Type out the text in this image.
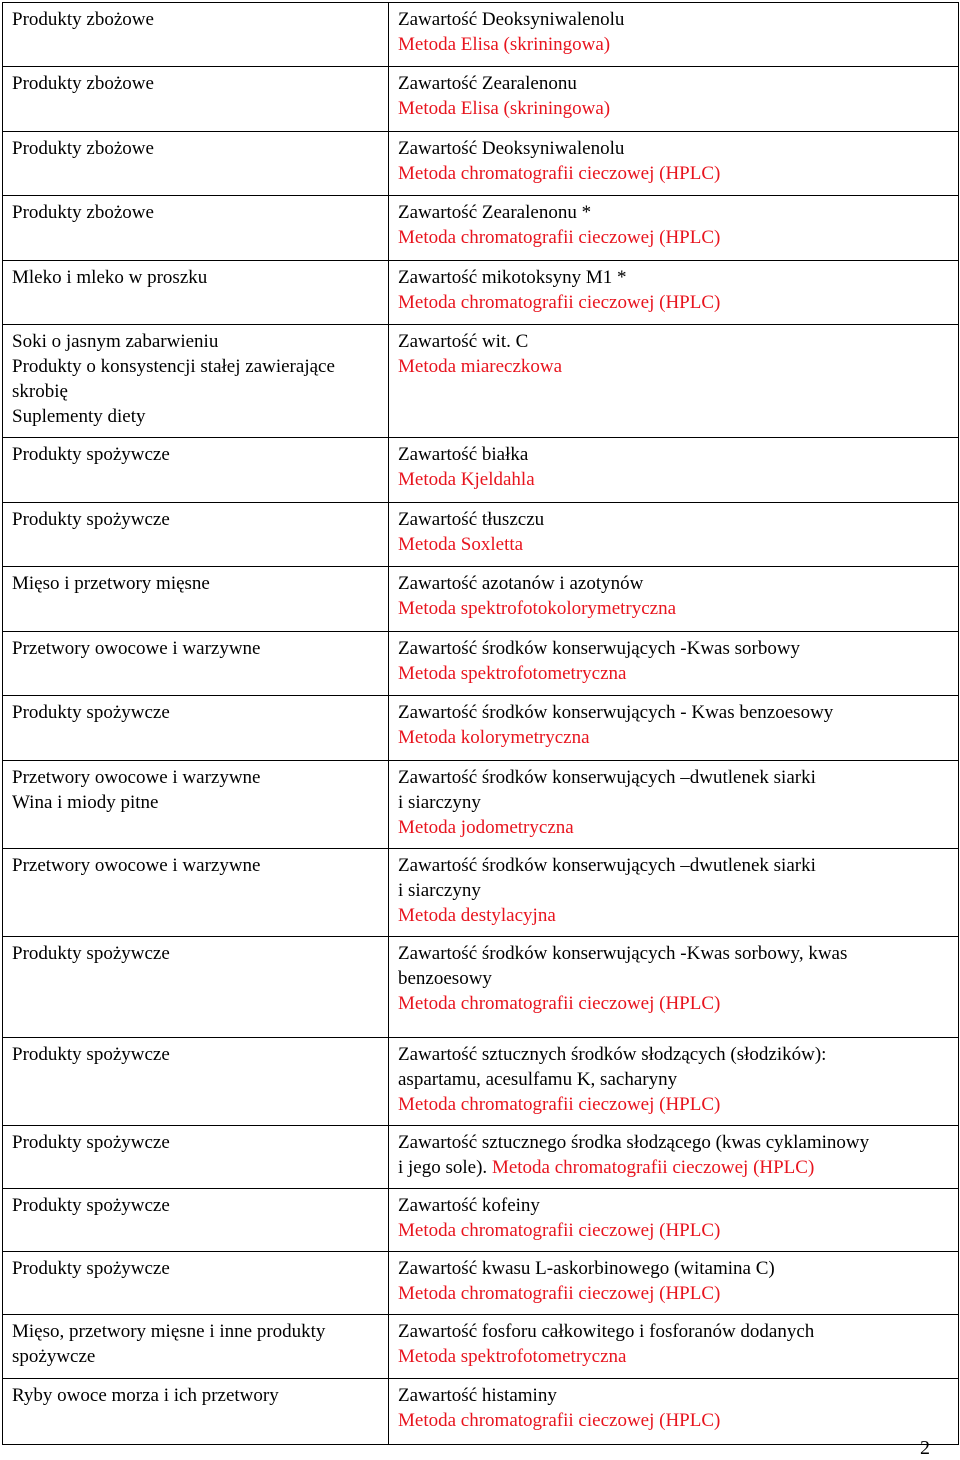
Produkty zbożowe	Zawartość Deoksyniwalenolu
Metoda Elisa (skriningowa)

Produkty zbożowe	Zawartość Zearalenonu
Metoda Elisa (skriningowa)

Produkty zbożowe	Zawartość Deoksyniwalenolu
Metoda chromatografii cieczowej (HPLC)

Produkty zbożowe	Zawartość Zearalenonu *
Metoda chromatografii cieczowej (HPLC)

Mleko i mleko w proszku	Zawartość mikotoksyny M1 *
Metoda chromatografii cieczowej (HPLC)

Soki o jasnym zabarwieniu
Produkty o konsystencji stałej zawierające
skrobię
Suplementy diety	Zawartość wit. C
Metoda miareczkowa

Produkty spożywcze	Zawartość białka
Metoda Kjeldahla

Produkty spożywcze	Zawartość tłuszczu
Metoda Soxletta

Mięso i przetwory mięsne	Zawartość azotanów i azotynów
Metoda spektrofotokolorymetryczna

Przetwory owocowe i warzywne	Zawartość środków konserwujących -Kwas sorbowy
Metoda spektrofotometryczna

Produkty spożywcze	Zawartość środków konserwujących - Kwas benzoesowy
Metoda kolorymetryczna

Przetwory owocowe i warzywne
Wina i miody pitne	Zawartość środków konserwujących –dwutlenek siarki
i siarczyny
Metoda jodometryczna

Przetwory owocowe i warzywne	Zawartość środków konserwujących –dwutlenek siarki
i siarczyny
Metoda destylacyjna

Produkty spożywcze	Zawartość środków konserwujących -Kwas sorbowy, kwas
benzoesowy
Metoda chromatografii cieczowej (HPLC)

Produkty spożywcze	Zawartość sztucznych środków słodzących (słodzików):
aspartamu, acesulfamu K, sacharyny
Metoda chromatografii cieczowej (HPLC)

Produkty spożywcze	Zawartość sztucznego środka słodzącego (kwas cyklaminowy
i jego sole). Metoda chromatografii cieczowej (HPLC)

Produkty spożywcze	Zawartość kofeiny
Metoda chromatografii cieczowej (HPLC)

Produkty spożywcze	Zawartość kwasu L-askorbinowego (witamina C)
Metoda chromatografii cieczowej (HPLC)

Mięso, przetwory mięsne i inne produkty
spożywcze	Zawartość fosforu całkowitego i fosforanów dodanych
Metoda spektrofotometryczna

Ryby owoce morza i ich przetwory	Zawartość histaminy
Metoda chromatografii cieczowej (HPLC)
2
